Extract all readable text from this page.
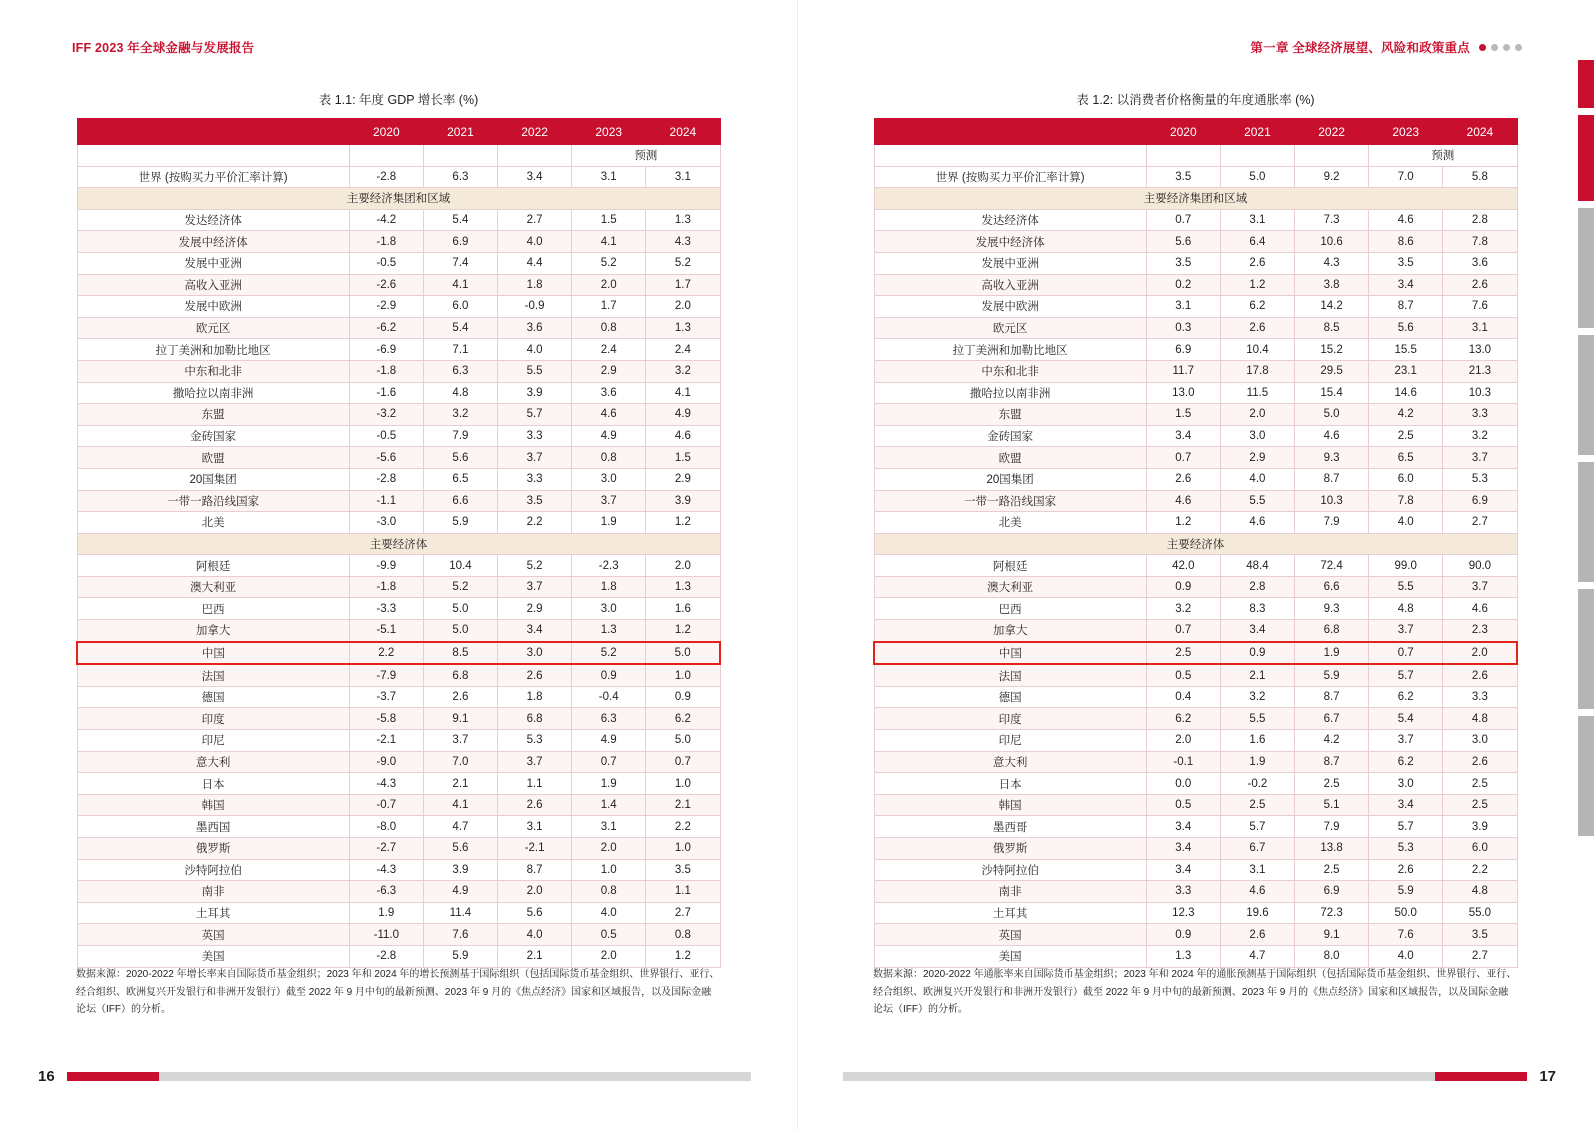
IFF 2023 年全球金融与发展报告
表 1.1: 年度 GDP 增长率 (%)
	2020	2021	2022	2023	2024
				预测	
世界 (按购买力平价汇率计算)	-2.8	6.3	3.4	3.1	3.1
主要经济集团和区域					
发达经济体	-4.2	5.4	2.7	1.5	1.3
发展中经济体	-1.8	6.9	4.0	4.1	4.3
发展中亚洲	-0.5	7.4	4.4	5.2	5.2
高收入亚洲	-2.6	4.1	1.8	2.0	1.7
发展中欧洲	-2.9	6.0	-0.9	1.7	2.0
欧元区	-6.2	5.4	3.6	0.8	1.3
拉丁美洲和加勒比地区	-6.9	7.1	4.0	2.4	2.4
中东和北非	-1.8	6.3	5.5	2.9	3.2
撒哈拉以南非洲	-1.6	4.8	3.9	3.6	4.1
东盟	-3.2	3.2	5.7	4.6	4.9
金砖国家	-0.5	7.9	3.3	4.9	4.6
欧盟	-5.6	5.6	3.7	0.8	1.5
20国集团	-2.8	6.5	3.3	3.0	2.9
一带一路沿线国家	-1.1	6.6	3.5	3.7	3.9
北美	-3.0	5.9	2.2	1.9	1.2
主要经济体					
阿根廷	-9.9	10.4	5.2	-2.3	2.0
澳大利亚	-1.8	5.2	3.7	1.8	1.3
巴西	-3.3	5.0	2.9	3.0	1.6
加拿大	-5.1	5.0	3.4	1.3	1.2
中国	2.2	8.5	3.0	5.2	5.0
法国	-7.9	6.8	2.6	0.9	1.0
德国	-3.7	2.6	1.8	-0.4	0.9
印度	-5.8	9.1	6.8	6.3	6.2
印尼	-2.1	3.7	5.3	4.9	5.0
意大利	-9.0	7.0	3.7	0.7	0.7
日本	-4.3	2.1	1.1	1.9	1.0
韩国	-0.7	4.1	2.6	1.4	2.1
墨西国	-8.0	4.7	3.1	3.1	2.2
俄罗斯	-2.7	5.6	-2.1	2.0	1.0
沙特阿拉伯	-4.3	3.9	8.7	1.0	3.5
南非	-6.3	4.9	2.0	0.8	1.1
土耳其	1.9	11.4	5.6	4.0	2.7
英国	-11.0	7.6	4.0	0.5	0.8
美国	-2.8	5.9	2.1	2.0	1.2
数据来源：2020-2022 年增长率来自国际货币基金组织；2023 年和 2024 年的增长预测基于国际组织（包括国际货币基金组织、世界银行、亚行、经合组织、欧洲复兴开发银行和非洲开发银行）截至 2022 年 9 月中旬的最新预测、2023 年 9 月的《焦点经济》国家和区域报告，以及国际金融论坛（IFF）的分析。
16
第一章 全球经济展望、风险和政策重点
表 1.2: 以消费者价格衡量的年度通胀率 (%)
	2020	2021	2022	2023	2024
				预测	
世界 (按购买力平价汇率计算)	3.5	5.0	9.2	7.0	5.8
主要经济集团和区域					
发达经济体	0.7	3.1	7.3	4.6	2.8
发展中经济体	5.6	6.4	10.6	8.6	7.8
发展中亚洲	3.5	2.6	4.3	3.5	3.6
高收入亚洲	0.2	1.2	3.8	3.4	2.6
发展中欧洲	3.1	6.2	14.2	8.7	7.6
欧元区	0.3	2.6	8.5	5.6	3.1
拉丁美洲和加勒比地区	6.9	10.4	15.2	15.5	13.0
中东和北非	11.7	17.8	29.5	23.1	21.3
撒哈拉以南非洲	13.0	11.5	15.4	14.6	10.3
东盟	1.5	2.0	5.0	4.2	3.3
金砖国家	3.4	3.0	4.6	2.5	3.2
欧盟	0.7	2.9	9.3	6.5	3.7
20国集团	2.6	4.0	8.7	6.0	5.3
一带一路沿线国家	4.6	5.5	10.3	7.8	6.9
北美	1.2	4.6	7.9	4.0	2.7
主要经济体					
阿根廷	42.0	48.4	72.4	99.0	90.0
澳大利亚	0.9	2.8	6.6	5.5	3.7
巴西	3.2	8.3	9.3	4.8	4.6
加拿大	0.7	3.4	6.8	3.7	2.3
中国	2.5	0.9	1.9	0.7	2.0
法国	0.5	2.1	5.9	5.7	2.6
德国	0.4	3.2	8.7	6.2	3.3
印度	6.2	5.5	6.7	5.4	4.8
印尼	2.0	1.6	4.2	3.7	3.0
意大利	-0.1	1.9	8.7	6.2	2.6
日本	0.0	-0.2	2.5	3.0	2.5
韩国	0.5	2.5	5.1	3.4	2.5
墨西哥	3.4	5.7	7.9	5.7	3.9
俄罗斯	3.4	6.7	13.8	5.3	6.0
沙特阿拉伯	3.4	3.1	2.5	2.6	2.2
南非	3.3	4.6	6.9	5.9	4.8
土耳其	12.3	19.6	72.3	50.0	55.0
英国	0.9	2.6	9.1	7.6	3.5
美国	1.3	4.7	8.0	4.0	2.7
数据来源：2020-2022 年通胀率来自国际货币基金组织；2023 年和 2024 年的通胀预测基于国际组织（包括国际货币基金组织、世界银行、亚行、经合组织、欧洲复兴开发银行和非洲开发银行）截至 2022 年 9 月中旬的最新预测、2023 年 9 月的《焦点经济》国家和区域报告，以及国际金融论坛（IFF）的分析。
17
